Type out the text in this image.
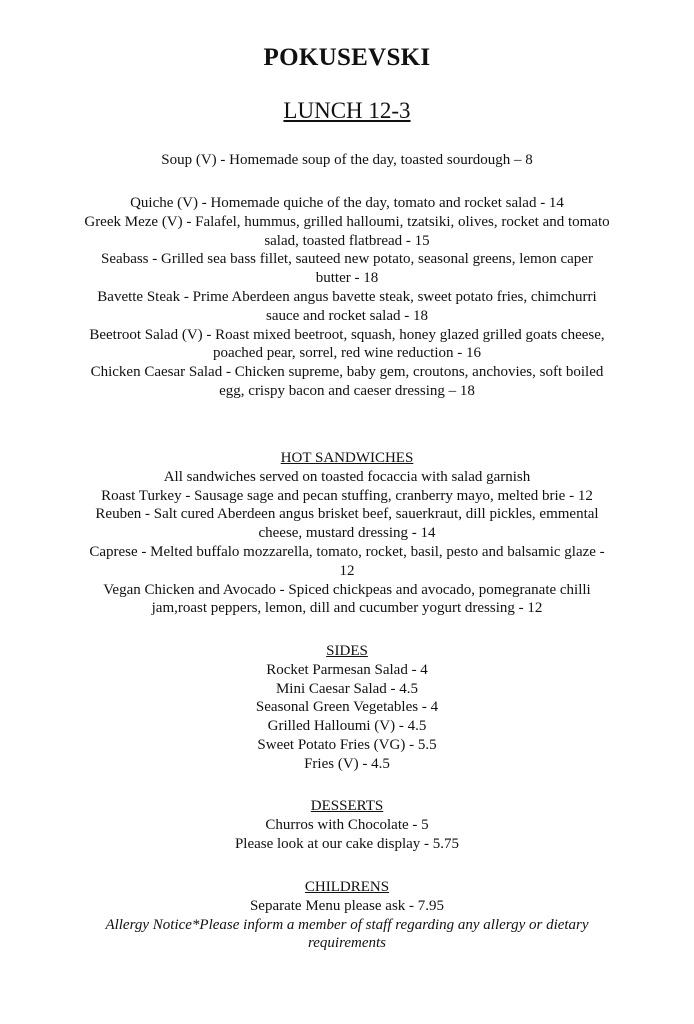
POKUSEVSKI
LUNCH 12-3
Soup (V) - Homemade soup of the day, toasted sourdough – 8
Quiche (V) - Homemade quiche of the day, tomato and rocket salad - 14
Greek Meze (V) - Falafel, hummus, grilled halloumi, tzatsiki, olives, rocket and tomato salad, toasted flatbread - 15
Seabass - Grilled sea bass fillet, sauteed new potato, seasonal greens, lemon caper butter - 18
Bavette Steak - Prime Aberdeen angus bavette steak, sweet potato fries, chimchurri sauce and rocket salad - 18
Beetroot Salad (V) - Roast mixed beetroot, squash, honey glazed grilled goats cheese, poached pear, sorrel, red wine reduction - 16
Chicken Caesar Salad - Chicken supreme, baby gem, croutons, anchovies, soft boiled egg, crispy bacon and caeser dressing – 18
HOT SANDWICHES
All sandwiches served on toasted focaccia with salad garnish
Roast Turkey - Sausage sage and pecan stuffing, cranberry mayo, melted brie - 12
Reuben - Salt cured Aberdeen angus brisket beef, sauerkraut, dill pickles, emmental cheese, mustard dressing - 14
Caprese - Melted buffalo mozzarella, tomato, rocket, basil, pesto and balsamic glaze - 12
Vegan Chicken and Avocado - Spiced chickpeas and avocado, pomegranate chilli jam,roast peppers, lemon, dill and cucumber yogurt dressing - 12
SIDES
Rocket Parmesan Salad - 4
Mini Caesar Salad - 4.5
Seasonal Green Vegetables - 4
Grilled Halloumi (V) - 4.5
Sweet Potato Fries (VG) - 5.5
Fries (V) - 4.5
DESSERTS
Churros with Chocolate - 5
Please look at our cake display - 5.75
CHILDRENS
Separate Menu please ask - 7.95
Allergy Notice*Please inform a member of staff regarding any allergy or dietary requirements
